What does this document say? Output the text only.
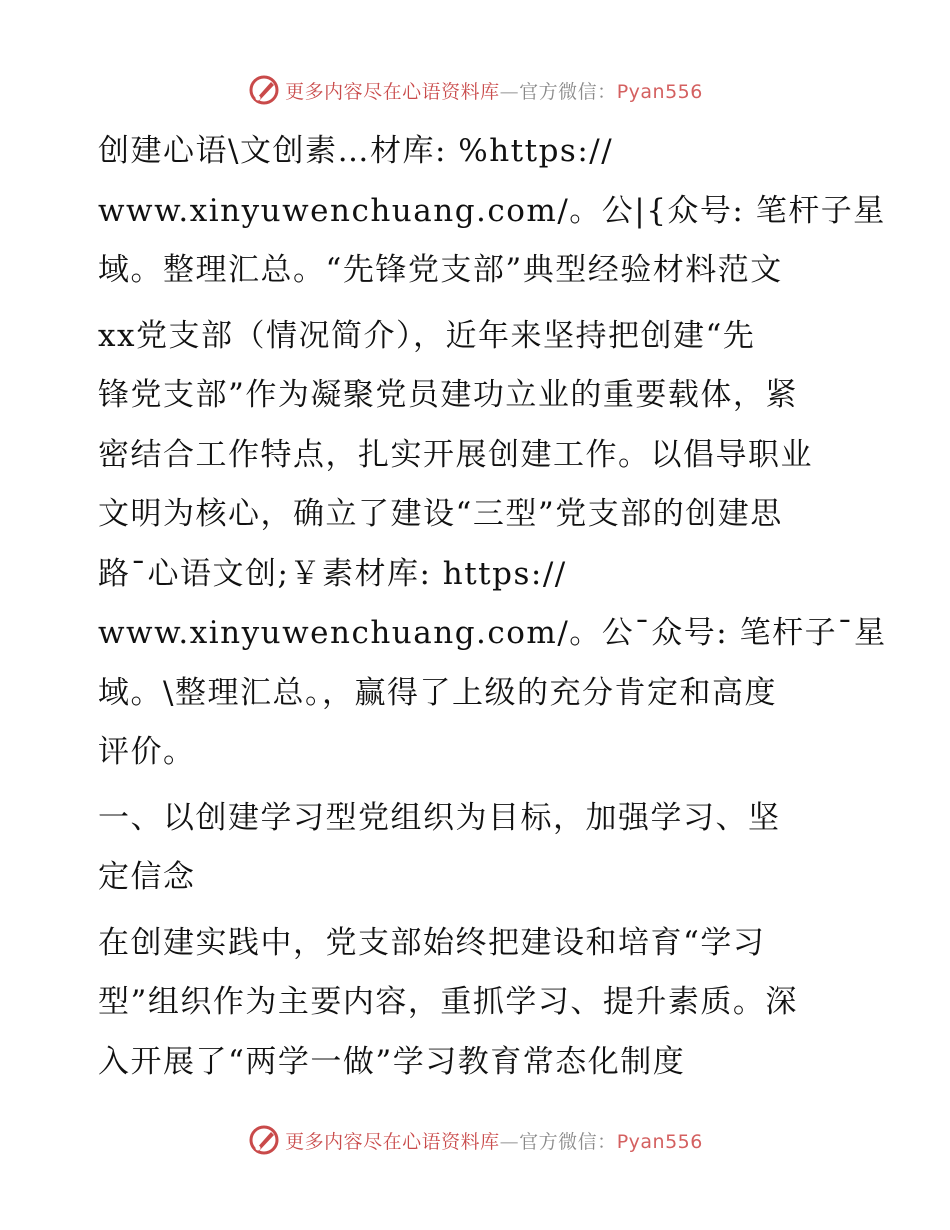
更多内容尽在心语资料库—官方微信：Pyan556
创建心语\文创素…材库: %https://
www.xinyuwenchuang.com/。公|{众号: 笔杆子星
域。整理汇总。“先锋党支部”典型经验材料范文
xx党支部（情况简介），近年来坚持把创建“先
锋党支部”作为凝聚党员建功立业的重要载体，紧
密结合工作特点，扎实开展创建工作。以倡导职业
文明为核心，确立了建设“三型”党支部的创建思
路¯心语文创;￥素材库: https://
www.xinyuwenchuang.com/。公¯众号: 笔杆子¯星
域。\整理汇总。，赢得了上级的充分肯定和高度
评价。
一、以创建学习型党组织为目标，加强学习、坚
定信念
在创建实践中，党支部始终把建设和培育“学习
型”组织作为主要内容，重抓学习、提升素质。深
入开展了“两学一做”学习教育常态化制度
更多内容尽在心语资料库—官方微信：Pyan556
